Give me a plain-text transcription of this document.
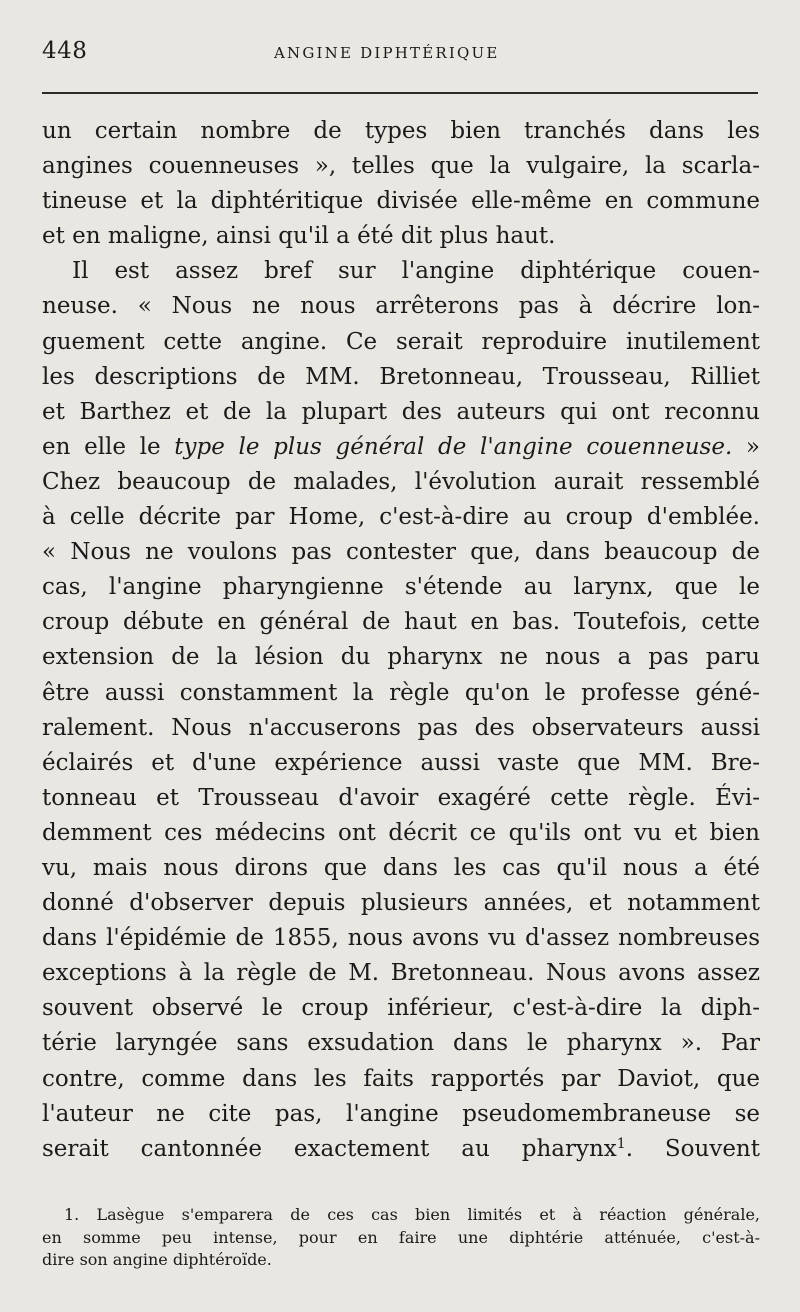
448	ANGINE DIPHTÉRIQUE
un certain nombre de types bien tranchés dans les
angines couenneuses », telles que la vulgaire, la scarla-
tineuse et la diphtéritique divisée elle-même en commune
et en maligne, ainsi qu'il a été dit plus haut.
Il est assez bref sur l'angine diphtérique couen-
neuse. « Nous ne nous arrêterons pas à décrire lon-
guement cette angine. Ce serait reproduire inutilement
les descriptions de MM. Bretonneau, Trousseau, Rilliet
et Barthez et de la plupart des auteurs qui ont reconnu
en elle le type le plus général de l'angine couenneuse. »
Chez beaucoup de malades, l'évolution aurait ressemblé
à celle décrite par Home, c'est-à-dire au croup d'emblée.
« Nous ne voulons pas contester que, dans beaucoup de
cas, l'angine pharyngienne s'étende au larynx, que le
croup débute en général de haut en bas. Toutefois, cette
extension de la lésion du pharynx ne nous a pas paru
être aussi constamment la règle qu'on le professe géné-
ralement. Nous n'accuserons pas des observateurs aussi
éclairés et d'une expérience aussi vaste que MM. Bre-
tonneau et Trousseau d'avoir exagéré cette règle. Évi-
demment ces médecins ont décrit ce qu'ils ont vu et bien
vu, mais nous dirons que dans les cas qu'il nous a été
donné d'observer depuis plusieurs années, et notamment
dans l'épidémie de 1855, nous avons vu d'assez nombreuses
exceptions à la règle de M. Bretonneau. Nous avons assez
souvent observé le croup inférieur, c'est-à-dire la diph-
térie laryngée sans exsudation dans le pharynx ». Par
contre, comme dans les faits rapportés par Daviot, que
l'auteur ne cite pas, l'angine pseudomembraneuse se
serait cantonnée exactement au pharynx$^1$. Souvent
1. Lasègue s'emparera de ces cas bien limités et à réaction générale,
en somme peu intense, pour en faire une diphtérie atténuée, c'est-à-
dire son angine diphtéroïde.
